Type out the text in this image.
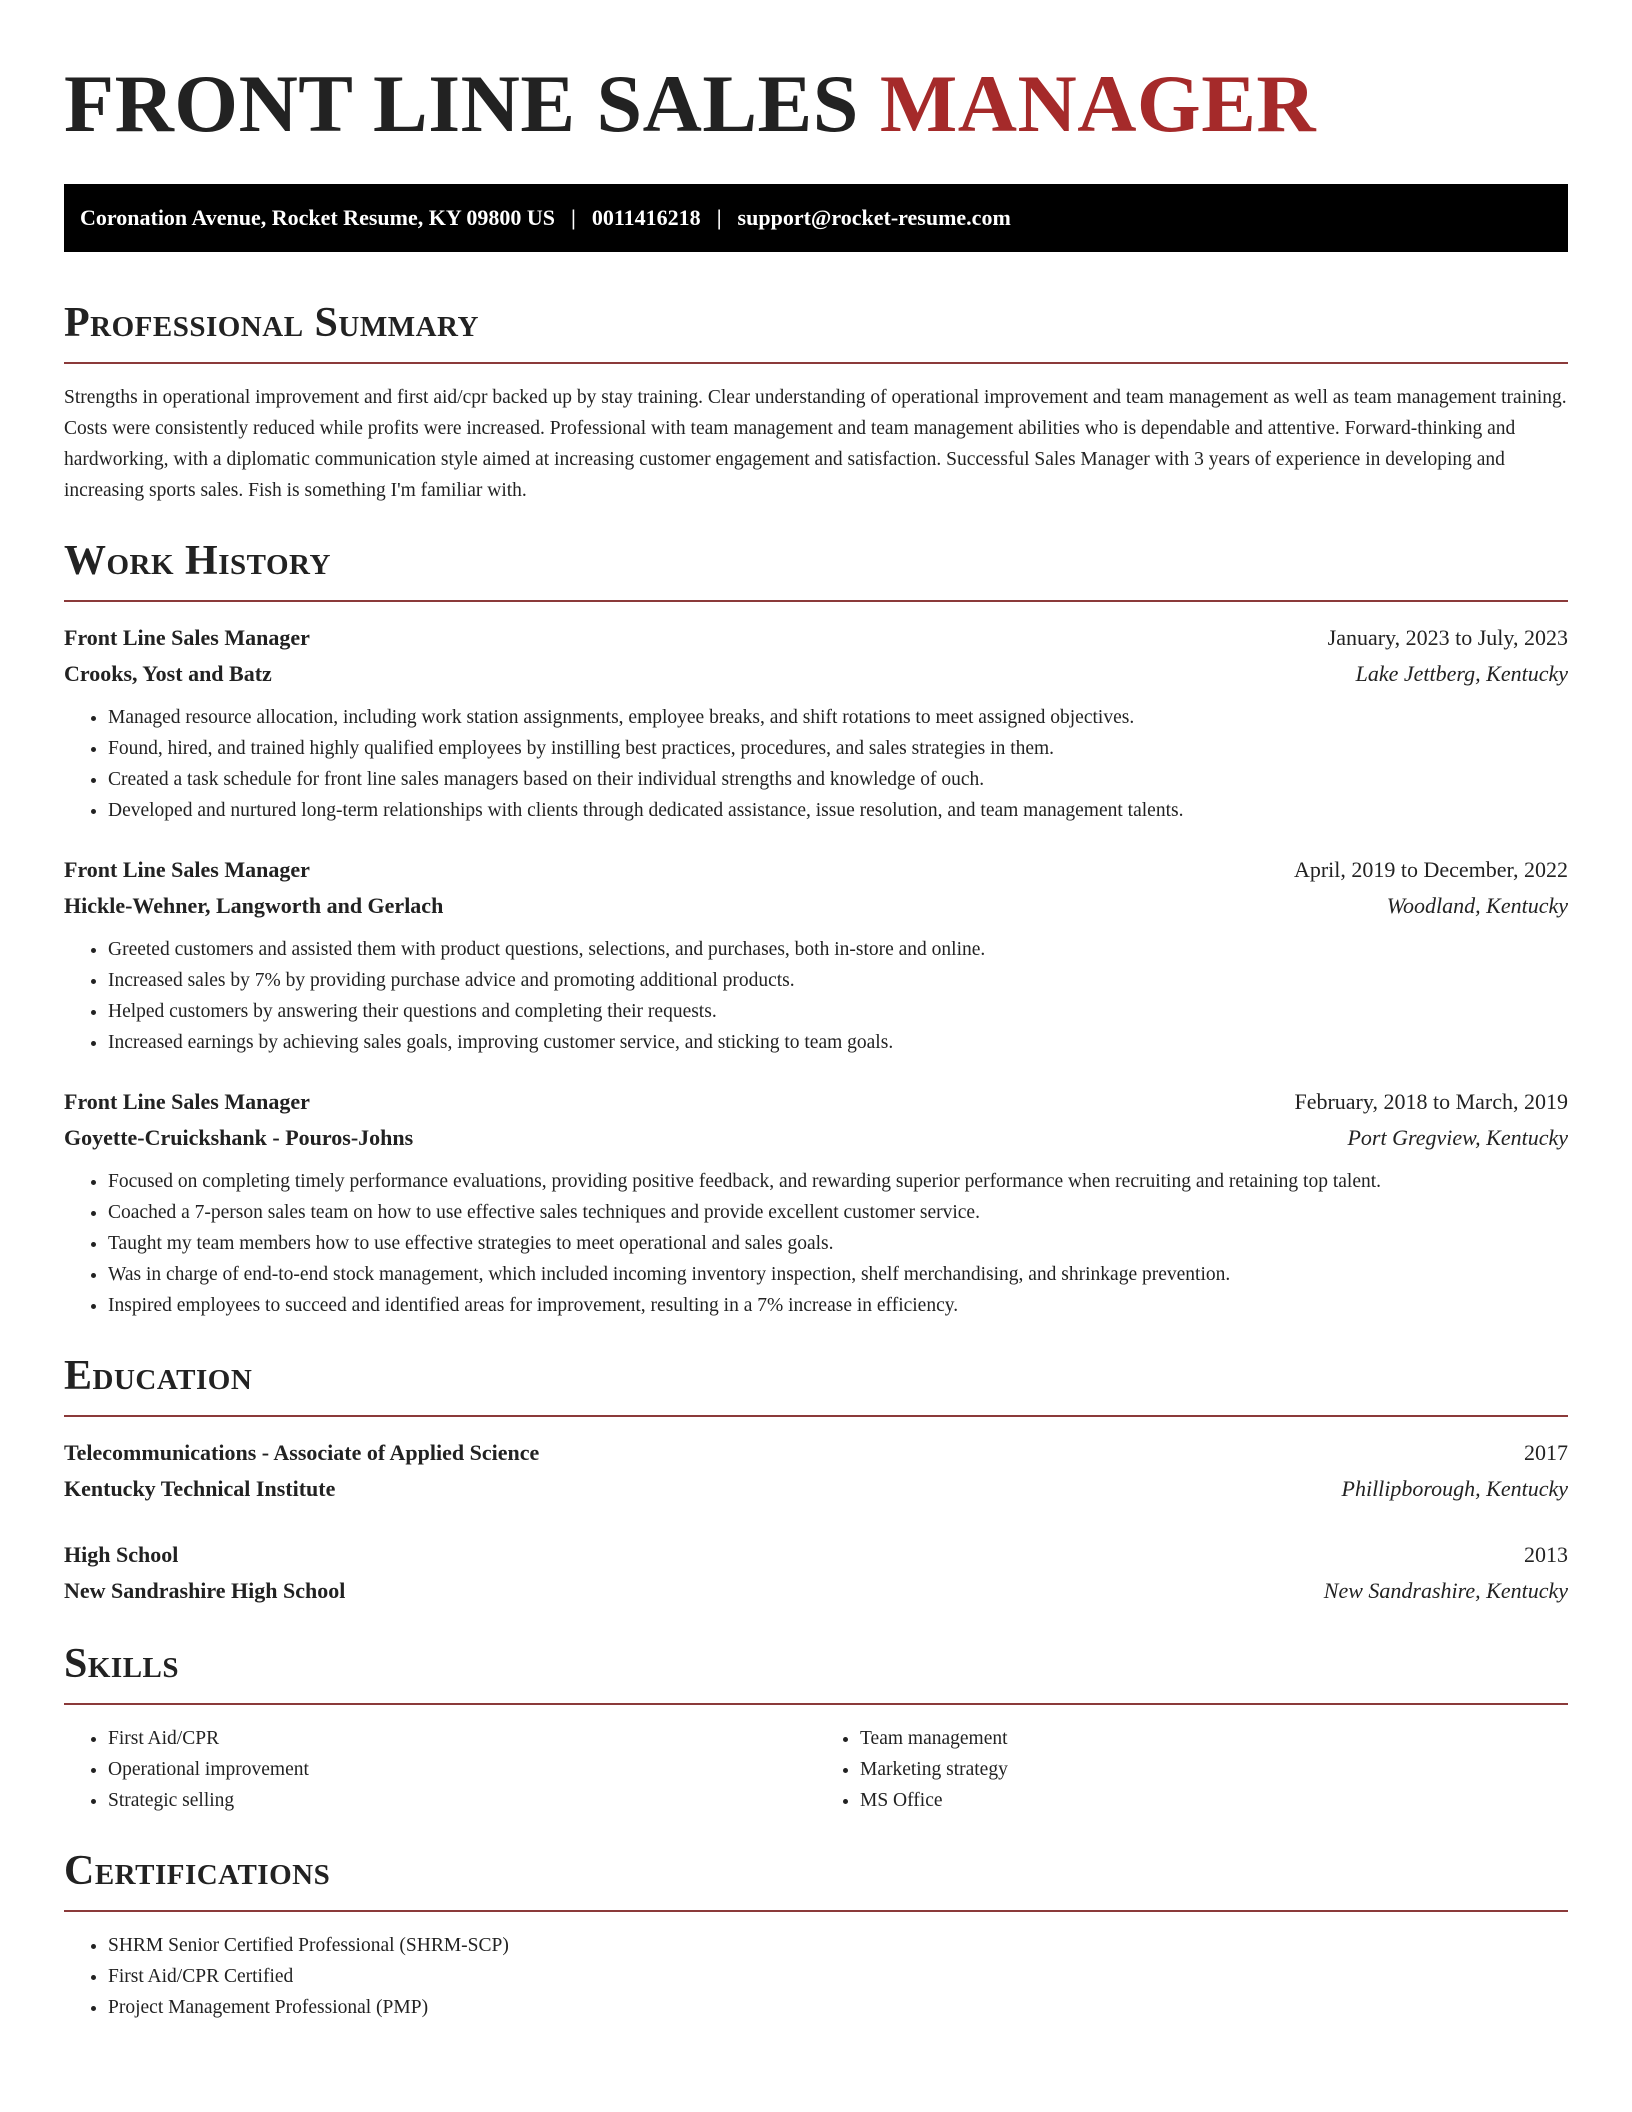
FRONT LINE SALES MANAGER
Coronation Avenue, Rocket Resume, KY 09800 US | 0011416218 | support@rocket-resume.com
Professional Summary

Strengths in operational improvement and first aid/cpr backed up by stay training. Clear understanding of operational improvement and team management as well as team management training. Costs were consistently reduced while profits were increased. Professional with team management and team management abilities who is dependable and attentive. Forward-thinking and hardworking, with a diplomatic communication style aimed at increasing customer engagement and satisfaction. Successful Sales Manager with 3 years of experience in developing and increasing sports sales. Fish is something I'm familiar with.

Work History
Front Line Sales Manager	January, 2023 to July, 2023
Crooks, Yost and Batz	Lake Jettberg, Kentucky
• Managed resource allocation, including work station assignments, employee breaks, and shift rotations to meet assigned objectives.
• Found, hired, and trained highly qualified employees by instilling best practices, procedures, and sales strategies in them.
• Created a task schedule for front line sales managers based on their individual strengths and knowledge of ouch.
• Developed and nurtured long-term relationships with clients through dedicated assistance, issue resolution, and team management talents.
Front Line Sales Manager	April, 2019 to December, 2022
Hickle-Wehner, Langworth and Gerlach	Woodland, Kentucky
• Greeted customers and assisted them with product questions, selections, and purchases, both in-store and online.
• Increased sales by 7% by providing purchase advice and promoting additional products.
• Helped customers by answering their questions and completing their requests.
• Increased earnings by achieving sales goals, improving customer service, and sticking to team goals.
Front Line Sales Manager	February, 2018 to March, 2019
Goyette-Cruickshank - Pouros-Johns	Port Gregview, Kentucky
• Focused on completing timely performance evaluations, providing positive feedback, and rewarding superior performance when recruiting and retaining top talent.
• Coached a 7-person sales team on how to use effective sales techniques and provide excellent customer service.
• Taught my team members how to use effective strategies to meet operational and sales goals.
• Was in charge of end-to-end stock management, which included incoming inventory inspection, shelf merchandising, and shrinkage prevention.
• Inspired employees to succeed and identified areas for improvement, resulting in a 7% increase in efficiency.
Education
Telecommunications - Associate of Applied Science	2017
Kentucky Technical Institute	Phillipborough, Kentucky
High School	2013
New Sandrashire High School	New Sandrashire, Kentucky
Skills
• First Aid/CPR
• Operational improvement
• Strategic selling
• Team management
• Marketing strategy
• MS Office
Certifications
• SHRM Senior Certified Professional (SHRM-SCP)
• First Aid/CPR Certified
• Project Management Professional (PMP)
